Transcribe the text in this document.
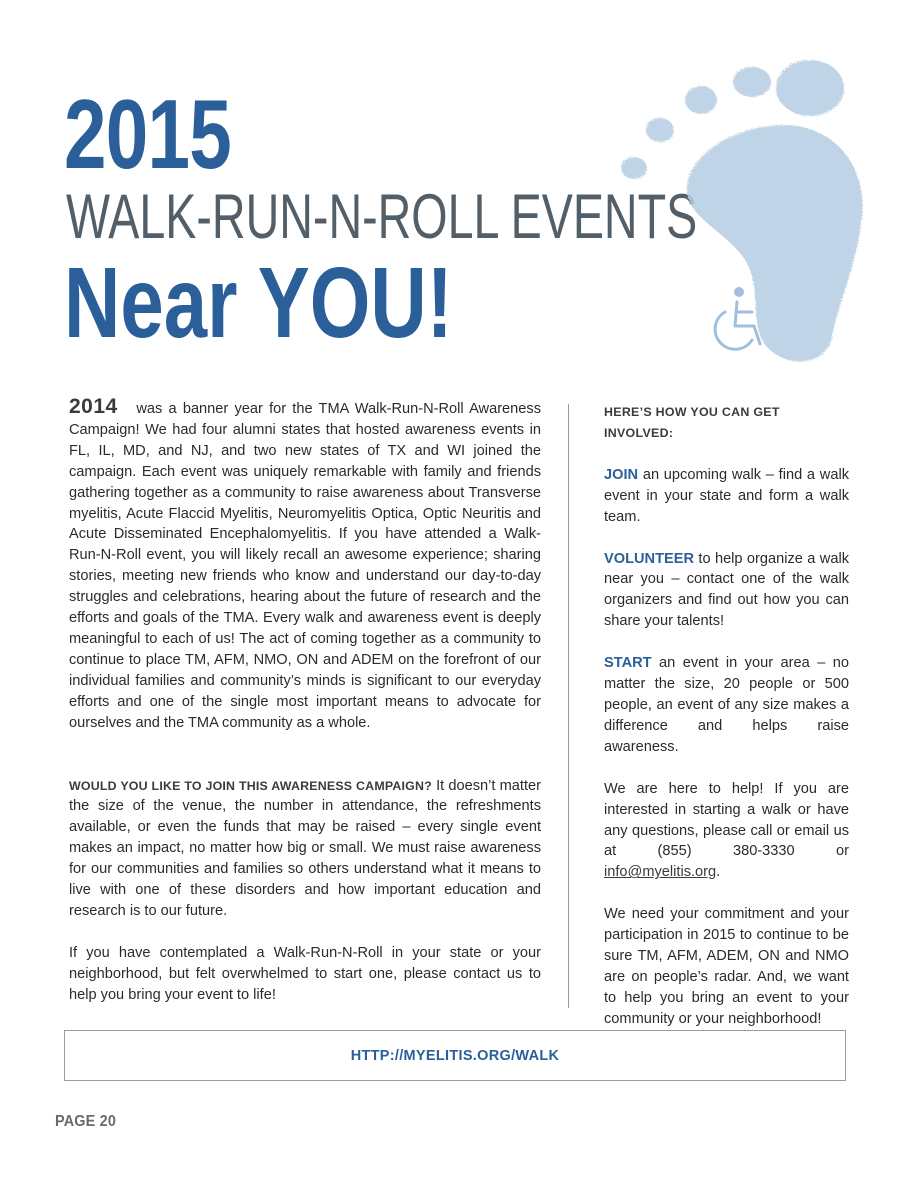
2015
WALK-RUN-N-ROLL EVENTS
Near YOU!

2014 was a banner year for the TMA Walk-Run-N-Roll Awareness Campaign! We had four alumni states that hosted awareness events in FL, IL, MD, and NJ, and two new states of TX and WI joined the campaign. Each event was uniquely remarkable with family and friends gathering together as a community to raise awareness about Transverse myelitis, Acute Flaccid Myelitis, Neuromyelitis Optica, Optic Neuritis and Acute Disseminated Encephalomyelitis. If you have attended a Walk-Run-N-Roll event, you will likely recall an awesome experience; sharing stories, meeting new friends who know and understand our day-to-day struggles and celebrations, hearing about the future of research and the efforts and goals of the TMA. Every walk and awareness event is deeply meaningful to each of us! The act of coming together as a community to continue to place TM, AFM, NMO, ON and ADEM on the forefront of our individual families and community’s minds is significant to our everyday efforts and one of the single most important means to advocate for ourselves and the TMA community as a whole.

WOULD YOU LIKE TO JOIN THIS AWARENESS CAMPAIGN? It doesn’t matter the size of the venue, the number in attendance, the refreshments available, or even the funds that may be raised – every single event makes an impact, no matter how big or small. We must raise awareness for our communities and families so others understand what it means to live with one of these disorders and how important education and research is to our future.

If you have contemplated a Walk-Run-N-Roll in your state or your neighborhood, but felt overwhelmed to start one, please contact us to help you bring your event to life!

HERE’S HOW YOU CAN GET INVOLVED:

JOIN an upcoming walk – find a walk event in your state and form a walk team.

VOLUNTEER to help organize a walk near you – contact one of the walk organizers and find out how you can share your talents!

START an event in your area – no matter the size, 20 people or 500 people, an event of any size makes a difference and helps raise awareness.

We are here to help! If you are interested in starting a walk or have any questions, please call or email us at (855) 380-3330 or info@myelitis.org.

We need your commitment and your participation in 2015 to continue to be sure TM, AFM, ADEM, ON and NMO are on people’s radar. And, we want to help you bring an event to your community or your neighborhood!

HTTP://MYELITIS.ORG/WALK
PAGE 20
